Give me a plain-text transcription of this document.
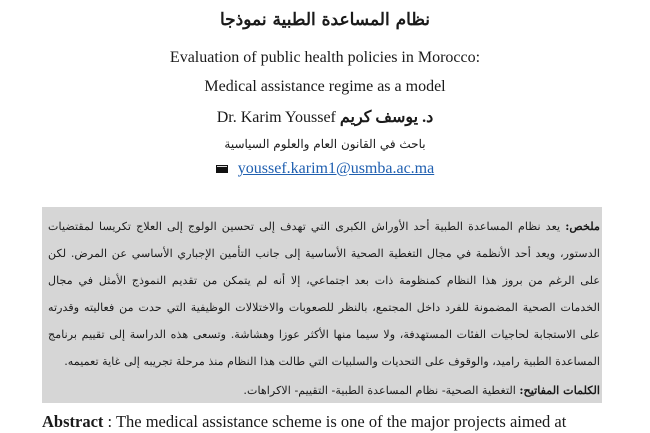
نظام المساعدة الطبية نموذجا
Evaluation of public health policies in Morocco:
Medical assistance regime as a model
Dr. Karim Youssef د. يوسف كريم
باحث في القانون العام والعلوم السياسية
youssef.karim1@usmba.ac.ma
ملخص: يعد نظام المساعدة الطبية أحد الأوراش الكبرى التي تهدف إلى تحسين الولوج إلى العلاج تكريسا لمقتضيات الدستور، ويعد أحد الأنظمة في مجال التغطية الصحية الأساسية إلى جانب التأمين الإجباري الأساسي عن المرض. لكن على الرغم من بروز هذا النظام كمنظومة ذات بعد اجتماعي، إلا أنه لم يتمكن من تقديم النموذج الأمثل في مجال الخدمات الصحية المضمونة للفرد داخل المجتمع، بالنظر للصعوبات والاختلالات الوظيفية التي حدت من فعاليته وقدرته على الاستجابة لحاجيات الفئات المستهدفة، ولا سيما منها الأكثر عوزا وهشاشة. وتسعى هذه الدراسة إلى تقييم برنامج المساعدة الطبية راميد، والوقوف على التحديات والسلبيات التي طالت هذا النظام منذ مرحلة تجريبه إلى غاية تعميمه.
الكلمات المفاتيح: التغطية الصحية- نظام المساعدة الطبية- التقييم- الاكراهات.
Abstract : The medical assistance scheme is one of the major projects aimed at
